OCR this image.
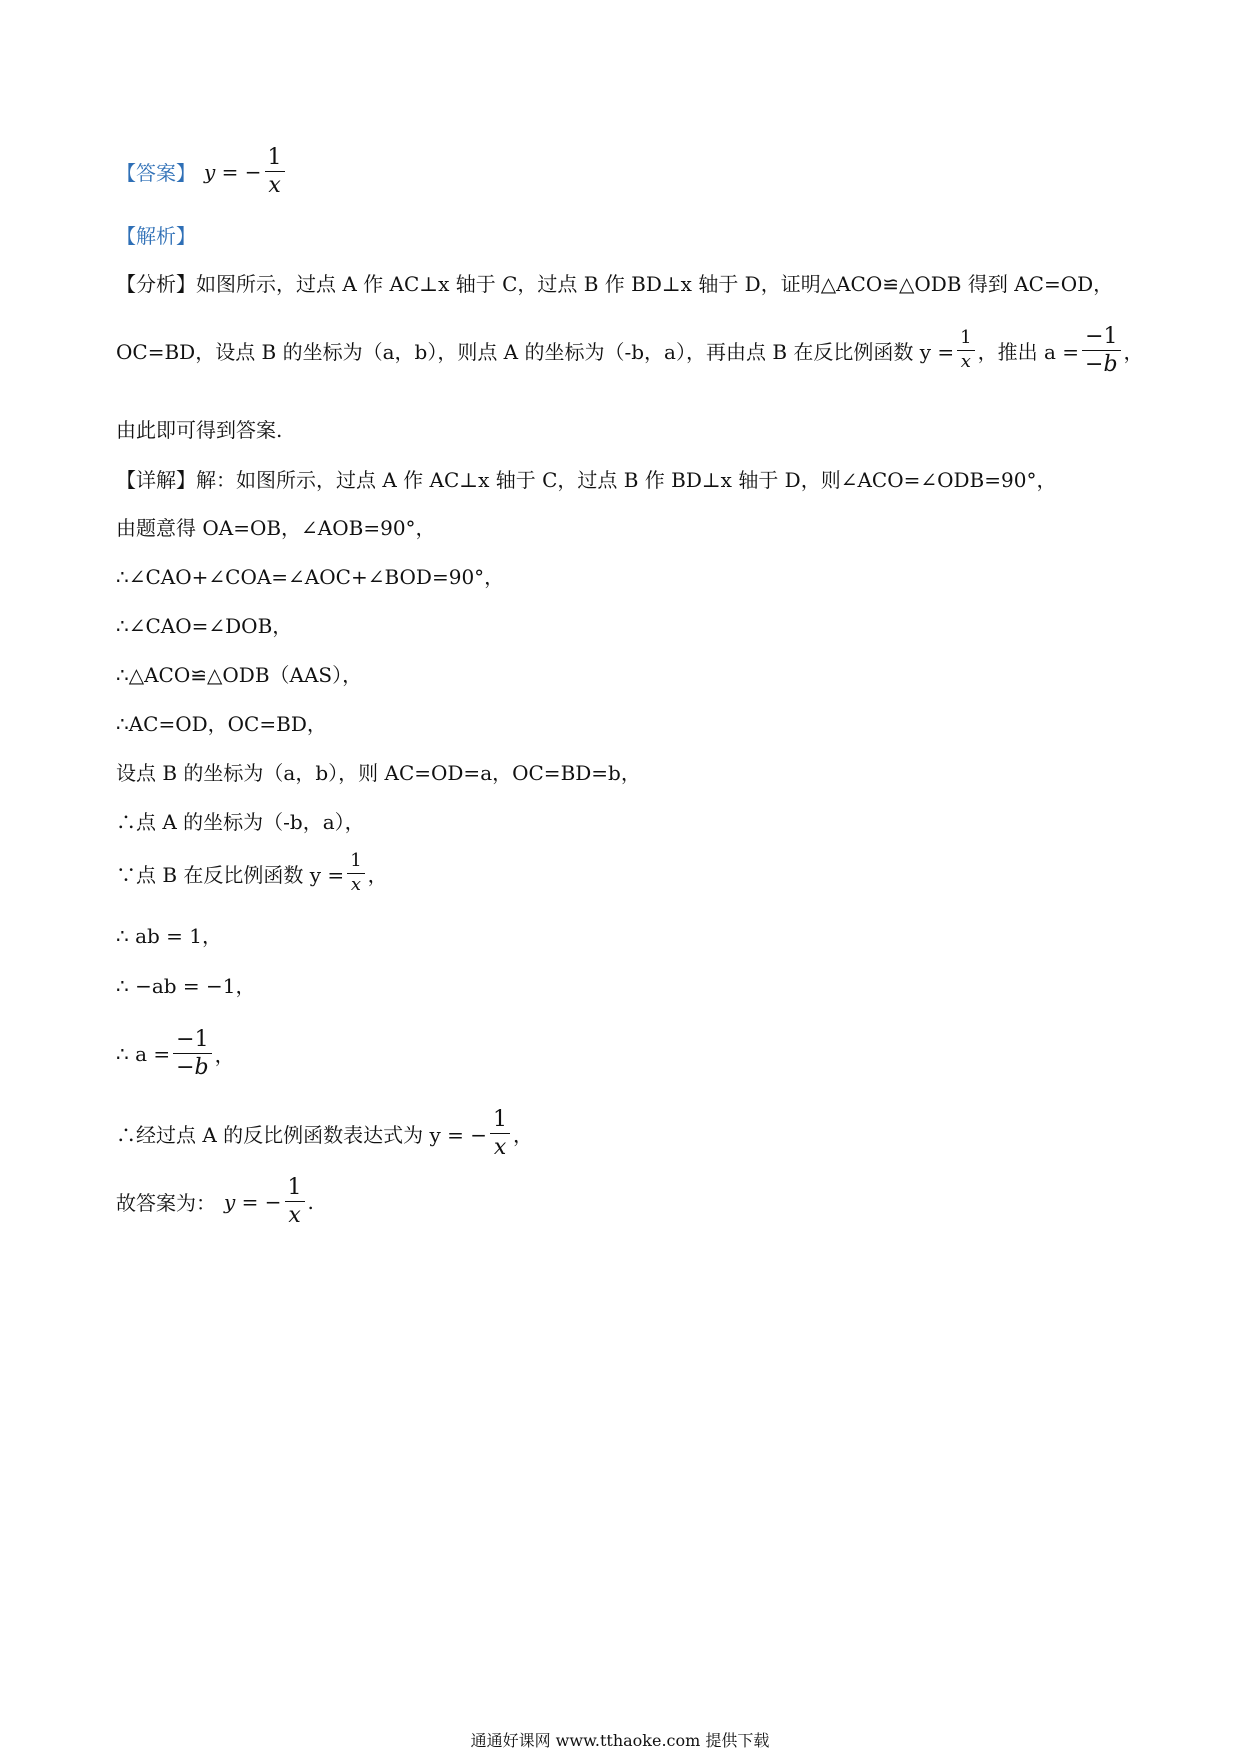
【答案】 y = − $\frac{1}{x}$
【解析】
【分析】 如图所示，过点 A 作 AC⊥x 轴于 C，过点 B 作 BD⊥x 轴于 D，证明△ACO≌△ODB 得到 AC=OD，
OC=BD，设点 B 的坐标为（a，b），则点 A 的坐标为（-b，a），再由点 B 在反比例函数 $y = \frac{1}{x}$ ，推出 $a = \frac{-1}{-b}$ ，
由此即可得到答案.
【详解】 解：如图所示，过点 A 作 AC⊥x 轴于 C，过点 B 作 BD⊥x 轴于 D，则∠ACO=∠ODB=90°，
由题意得 OA=OB，∠AOB=90°，
∴∠CAO+∠COA=∠AOC+∠BOD=90°，
∴∠CAO=∠DOB，
∴△ACO≌△ODB（AAS），
∴AC=OD，OC=BD，
设点 B 的坐标为（a，b），则 AC=OD=a，OC=BD=b，
∴点 A 的坐标为（-b，a），
∵点 B 在反比例函数 $y = \frac{1}{x}$ ，
∴ ab = 1，
∴ −ab = −1，
∴ $a = \frac{-1}{-b}$ ，
∴经过点 A 的反比例函数表达式为 y = − $\frac{1}{x}$ ，
故答案为： y = − $\frac{1}{x}$ .
通通好课网 www.tthaoke.com 提供下载
